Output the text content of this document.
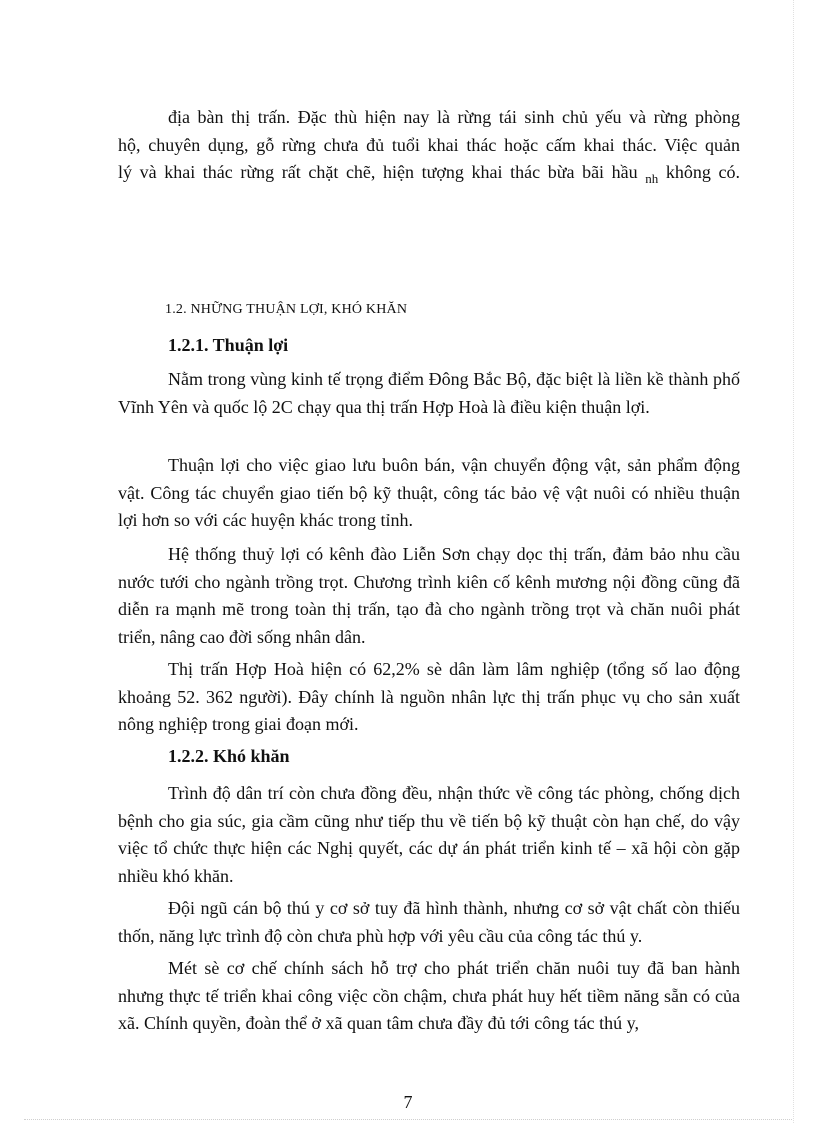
địa bàn thị trấn. Đặc thù hiện nay là rừng tái sinh chủ yếu và rừng phòng

hộ, chuyên dụng, gỗ rừng chưa đủ tuổi khai thác hoặc cấm khai thác. Việc quản

lý và khai thác rừng rất chặt chẽ, hiện tượng khai thác bừa bãi hầu $_{nh}$ không có.

1.2. NHỮNG THUẬN LỢI, KHÓ KHĂN
1.2.1. Thuận lợi
Nằm trong vùng kinh tế trọng điểm Đông Bắc Bộ, đặc biệt là liền kề thành phố Vĩnh Yên và quốc lộ 2C chạy qua thị trấn Hợp Hoà là điều kiện thuận lợi.
Thuận lợi cho việc giao lưu buôn bán, vận chuyển động vật, sản phẩm động vật. Công tác chuyển giao tiến bộ kỹ thuật, công tác bảo vệ vật nuôi có nhiều thuận lợi hơn so với các huyện khác trong tỉnh.
Hệ thống thuỷ lợi có kênh đào Liễn Sơn chạy dọc thị trấn, đảm bảo nhu cầu nước tưới cho ngành trồng trọt. Chương trình kiên cố kênh mương nội đồng cũng đã diễn ra mạnh mẽ trong toàn thị trấn, tạo đà cho ngành trồng trọt và chăn nuôi phát triển, nâng cao đời sống nhân dân.
Thị trấn Hợp Hoà hiện có 62,2% sè dân làm lâm nghiệp (tổng số lao động khoảng 52. 362 người). Đây chính là nguồn nhân lực thị trấn phục vụ cho sản xuất nông nghiệp trong giai đoạn mới.
1.2.2. Khó khăn
Trình độ dân trí còn chưa đồng đều, nhận thức về công tác phòng, chống dịch bệnh cho gia súc, gia cầm cũng như tiếp thu về tiến bộ kỹ thuật còn hạn chế, do vậy việc tổ chức thực hiện các Nghị quyết, các dự án phát triển kinh tế – xã hội còn gặp nhiều khó khăn.
Đội ngũ cán bộ thú y cơ sở tuy đã hình thành, nhưng cơ sở vật chất còn thiếu thốn, năng lực trình độ còn chưa phù hợp với yêu cầu của công tác thú y.
Mét sè cơ chế chính sách hỗ trợ cho phát triển chăn nuôi tuy đã ban hành nhưng thực tế triển khai công việc cồn chậm, chưa phát huy hết tiềm năng sẵn có của xã. Chính quyền, đoàn thể ở xã quan tâm chưa đầy đủ tới công tác thú y,
7
